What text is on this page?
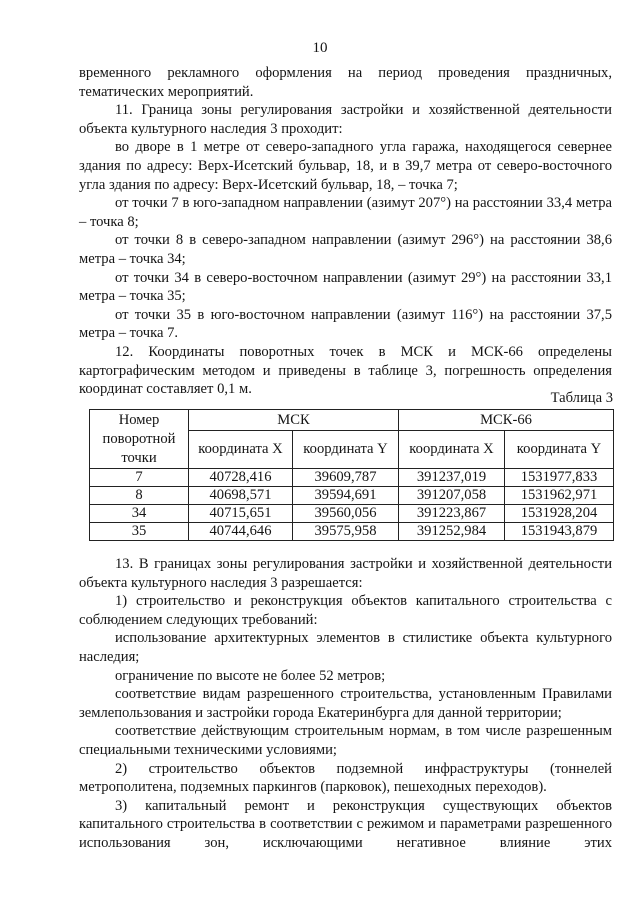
10

временного рекламного оформления на период проведения праздничных, тематических мероприятий.

11. Граница зоны регулирования застройки и хозяйственной деятельности объекта культурного наследия 3 проходит:

во дворе в 1 метре от северо-западного угла гаража, находящегося севернее здания по адресу: Верх-Исетский бульвар, 18, и в 39,7 метра от северо-восточного угла здания по адресу: Верх-Исетский бульвар, 18, – точка 7;

от точки 7 в юго-западном направлении (азимут 207°) на расстоянии 33,4 метра – точка 8;

от точки 8 в северо-западном направлении (азимут 296°) на расстоянии 38,6 метра – точка 34;

от точки 34 в северо-восточном направлении (азимут 29°) на расстоянии 33,1 метра – точка 35;

от точки 35 в юго-восточном направлении (азимут 116°) на расстоянии 37,5 метра – точка 7.

12. Координаты поворотных точек в МСК и МСК-66 определены картографическим методом и приведены в таблице 3, погрешность определения координат составляет 0,1 м.

Таблица 3
Номер поворотной точки	МСК		МСК-66	
	координата X	координата Y	координата X	координата Y
7	40728,416	39609,787	391237,019	1531977,833
8	40698,571	39594,691	391207,058	1531962,971
34	40715,651	39560,056	391223,867	1531928,204
35	40744,646	39575,958	391252,984	1531943,879

13. В границах зоны регулирования застройки и хозяйственной деятельности объекта культурного наследия 3 разрешается:

1) строительство и реконструкция объектов капитального строительства с соблюдением следующих требований:

использование архитектурных элементов в стилистике объекта культурного наследия;

ограничение по высоте не более 52 метров;

соответствие видам разрешенного строительства, установленным Правилами землепользования и застройки города Екатеринбурга для данной территории;

соответствие действующим строительным нормам, в том числе разрешенным специальными техническими условиями;

2) строительство объектов подземной инфраструктуры (тоннелей метрополитена, подземных паркингов (парковок), пешеходных переходов).

3) капитальный ремонт и реконструкция существующих объектов капитального строительства в соответствии с режимом и параметрами разрешенного использования зон, исключающими негативное влияние этих
